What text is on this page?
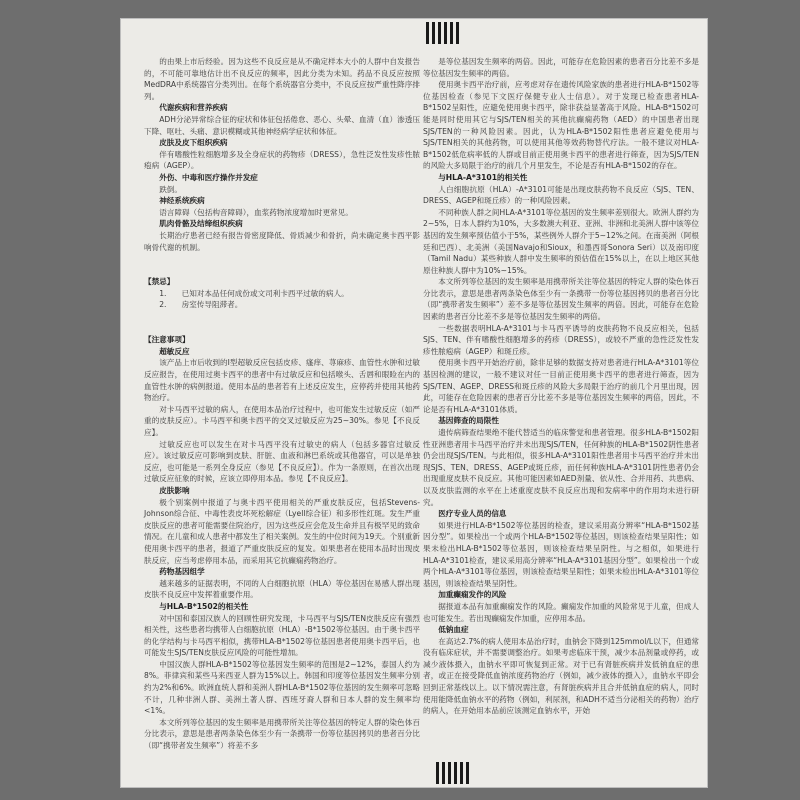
的由果上市后经验。因为这些不良反应是从不确定样本大小的人群中自发报告的，不可能可靠地估计出不良反应的频率，因此分类为未知。药品不良反应按照MedDRA中系统器官分类列出。在每个系统器官分类中，不良反应按严重性降序排列。

代谢疾病和营养疾病

ADH分泌异常综合征的症状和体征包括倦怠、恶心、头晕、血清（血）渗透压下降、呕吐、头痛、意识模糊或其他神经病学症状和体征。

皮肤及皮下组织疾病

伴有嗜酸性粒细胞增多及全身症状的药物疹（DRESS），急性泛发性发疹性脓疱病（AGEP）。

外伤、中毒和医疗操作并发症

跌倒。

神经系统疾病

语言障碍（包括构音障碍），血浆药物浓度增加时更常见。

肌肉骨骼及结缔组织疾病

长期治疗患者已经有报告骨密度降低、骨质减少和骨折，尚未确定奥卡西平影响骨代谢的机制。

【禁忌】

1.　　已知对本品任何成份或文司利卡西平过敏的病人。

2.　　房室传导阻滞者。

【注意事项】

超敏反应

该产品上市后收到的I型超敏反应包括皮疹、瘙痒、荨麻疹、血管性水肿和过敏反应报告，在使用过奥卡西平的患者中有过敏反应和包括喉头、舌唇和眼睑在内的血管性水肿的病例报道。使用本品的患者若有上述反应发生，应停药并使用其他药物治疗。

对卡马西平过敏的病人，在使用本品治疗过程中，也可能发生过敏反应（如严重的皮肤反应）。卡马西平和奥卡西平的交叉过敏反应为25~30%。参见【不良反应】。

过敏反应也可以发生在对卡马西平没有过敏史的病人（包括多器官过敏反应）。该过敏反应可影响到皮肤、肝脏、血液和淋巴系统或其他器官，可以是单独反应，也可能是一系列全身反应（参见【不良反应】）。作为一条原则，在首次出现过敏反应征象的时候，应该立即停用本品。参见【不良反应】。

皮肤影响

极个别案例中报道了与奥卡西平使用相关的严重皮肤反应，包括Stevens-Johnson综合征、中毒性表皮坏死松解症（Lyell综合征）和多形性红斑。发生严重皮肤反应的患者可能需要住院治疗，因为这些反应会危及生命并且有极罕见的致命情况。在儿童和成人患者中都发生了相关案例。发生的中位时间为19天。个别重新使用奥卡西平的患者，报道了严重皮肤反应的复发。如果患者在使用本品时出现皮肤反应，应当考虑停用本品，而采用其它抗癫痫药物治疗。

药物基因组学

越来越多的证据表明，不同的人白细胞抗原（HLA）等位基因在易感人群出现皮肤不良反应中发挥着重要作用。

与HLA-B*1502的相关性

对中国和泰国汉族人的回顾性研究发现，卡马西平与SJS/TEN皮肤反应有强烈相关性，这些患者均携带人白细胞抗原（HLA）-B*1502等位基因。由于奥卡西平的化学结构与卡马西平相似，携带HLA-B*1502等位基因患者使用奥卡西平后，也可能发生SJS/TEN皮肤反应风险的可能性增加。

中国汉族人群HLA-B*1502等位基因发生频率的范围是2~12%，泰国人约为8%。菲律宾和某些马来西亚人群为15%以上。韩国和印度等位基因发生频率分别约为2%和6%。欧洲血统人群和美洲人群HLA-B*1502等位基因的发生频率可忽略不计，几种非洲人群、美洲土著人群、西班牙裔人群和日本人群的发生频率均<1%。

本文所列等位基因的发生频率是用携带所关注等位基因的特定人群的染色体百分比表示，意思是患者两条染色体至少有一条携带一份等位基因拷贝的患者百分比（即“携带者发生频率”）将差不多

是等位基因发生频率的两倍。因此，可能存在危险因素的患者百分比差不多是等位基因发生频率的两倍。

使用奥卡西平治疗前，应考虑对存在遗传风险家族的患者进行HLA-B*1502等位基因检查（参见下文医疗保健专业人士信息）。对于发现已检查患者HLA-B*1502呈阳性，应避免使用奥卡西平，除非获益显著高于风险。HLA-B*1502可能是同时使用其它与SJS/TEN相关的其他抗癫痫药物（AED）的中国患者出现SJS/TEN的一种风险因素。因此，认为HLA-B*1502阳性患者应避免使用与SJS/TEN相关的其他药物，可以使用其他等效药物替代疗法。一般不建议对HLA-B*1502低危病率低的人群或目前正使用奥卡西平的患者进行筛查，因为SJS/TEN的风险大多局限于治疗的前几个月里发生，不论是否有HLA-B*1502的存在。

与HLA-A*3101的相关性

人白细胞抗原（HLA）-A*3101可能是出现皮肤药物不良反应（SJS、TEN、DRESS、AGEP和斑丘疹）的一种风险因素。

不同种族人群之间HLA-A*3101等位基因的发生频率差别很大。欧洲人群约为2~5%，日本人群约为10%，大多数澳大利亚、亚洲、非洲和北美洲人群中该等位基因的发生频率预估值小于5%，某些例外人群介于5~12%之间。在南美洲（阿根廷和巴西）、北美洲（美国Navajo和Sioux，和墨西哥Sonora Seri）以及南印度（Tamil Nadu）某些种族人群中发生频率的预估值在15%以上，在以上地区其他原住种族人群中为10%~15%。

本文所列等位基因的发生频率是用携带所关注等位基因的特定人群的染色体百分比表示，意思是患者两条染色体至少有一条携带一份等位基因拷贝的患者百分比（即“携带者发生频率”）差不多是等位基因发生频率的两倍。因此，可能存在危险因素的患者百分比差不多是等位基因发生频率的两倍。

一些数据表明HLA-A*3101与卡马西平诱导的皮肤药物不良反应相关，包括SJS、TEN、伴有嗜酸性细胞增多的药疹（DRESS），或较不严重的急性泛发性发疹性脓疱病（AGEP）和斑丘疹。

使用奥卡西平开始治疗前，除非足够的数据支持对患者进行HLA-A*3101等位基因检测的建议，一般不建议对任一目前正使用奥卡西平的患者进行筛查，因为SJS/TEN、AGEP、DRESS和斑丘疹的风险大多局限于治疗的前几个月里出现，因此，可能存在危险因素的患者百分比差不多是等位基因发生频率的两倍，因此，不论是否有HLA-A*3101体质。

基因筛查的局限性

遗传病筛查结果绝不能代替适当的临床警觉和患者管理。很多HLA-B*1502阳性亚洲患者用卡马西平治疗并未出现SJS/TEN，任何种族的HLA-B*1502阴性患者仍会出现SJS/TEN。与此相似，很多HLA-A*3101阳性患者用卡马西平治疗并未出现SJS、TEN、DRESS、AGEP或斑丘疹，而任何种族HLA-A*3101阴性患者仍会出现重度皮肤不良反应。其他可能因素如AED剂量、依从性、合并用药、共患病、以及皮肤监测的水平在上述重度皮肤不良反应出现和发病率中的作用均未进行研究。

医疗专业人员的信息

如果进行HLA-B*1502等位基因的检查，建议采用高分辨率“HLA-B*1502基因分型”。如果检出一个或两个HLA-B*1502等位基因，则该检查结果呈阳性；如果未检出HLA-B*1502等位基因，则该检查结果呈阴性。与之相似，如果进行HLA-A*3101检查，建议采用高分辨率“HLA-A*3101基因分型”。如果检出一个或两个HLA-A*3101等位基因，则该检查结果呈阳性；如果未检出HLA-A*3101等位基因，则该检查结果呈阴性。

加重癫痫发作的风险

据报道本品有加重癫痫发作的风险。癫痫发作加重的风险常见于儿童，但成人也可能发生。若出现癫痫发作加重，应停用本品。

低钠血症

在高达2.7%的病人使用本品治疗时，血钠会下降到125mmol/L以下，但通常没有临床症状，并不需要调整治疗。如果考虑临床干预，减少本品剂量或停药，或减少液体摄入，血钠水平即可恢复到正常。对于已有肾脏疾病并发低钠血症的患者，或正在接受降低血钠浓度药物治疗（例如，减少液体的摄入），血钠水平即会回到正常基线以上。以下情况需注意，有肾脏疾病并且合并低钠血症的病人，同时使用能降低血钠水平的药物（例如，利尿剂，和ADH不适当分泌相关的药物）治疗的病人，在开始用本品前应该测定血钠水平，开始
